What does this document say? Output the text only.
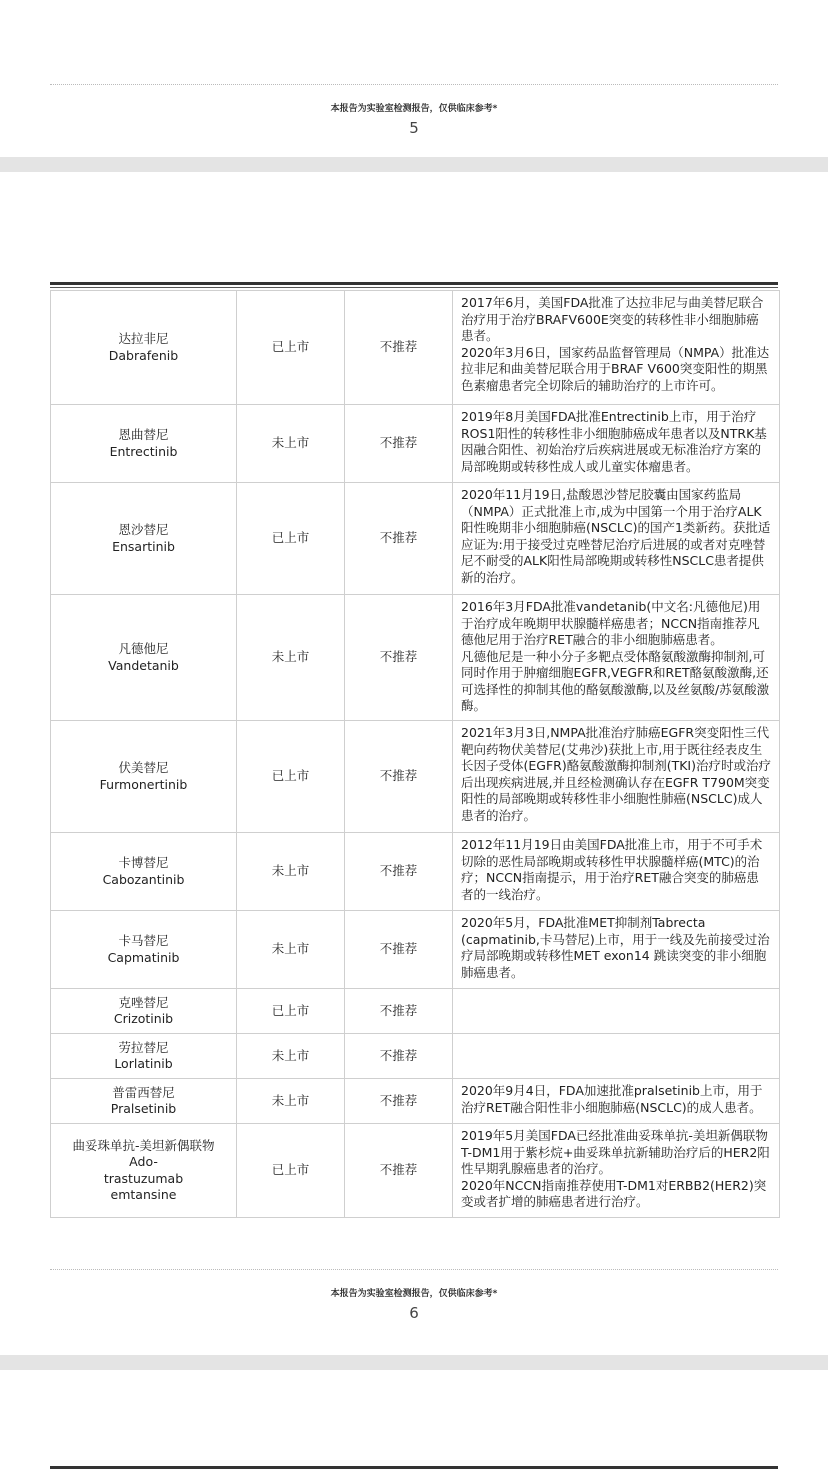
本报告为实验室检测报告，仅供临床参考*
5
达拉非尼
Dabrafenib	已上市	不推荐	2017年6月，美国FDA批准了达拉非尼与曲美替尼联合治疗用于治疗BRAFV600E突变的转移性非小细胞肺癌患者。
2020年3月6日，国家药品监督管理局（NMPA）批准达拉非尼和曲美替尼联合用于BRAF V600突变阳性的期黑色素瘤患者完全切除后的辅助治疗的上市许可。

恩曲替尼
Entrectinib	未上市	不推荐	2019年8月美国FDA批准Entrectinib上市，用于治疗ROS1阳性的转移性非小细胞肺癌成年患者以及NTRK基因融合阳性、初始治疗后疾病进展或无标准治疗方案的局部晚期或转移性成人或儿童实体瘤患者。

恩沙替尼
Ensartinib	已上市	不推荐	2020年11月19日,盐酸恩沙替尼胶囊由国家药监局（NMPA）正式批准上市,成为中国第一个用于治疗ALK阳性晚期非小细胞肺癌(NSCLC)的国产1类新药。获批适应证为:用于接受过克唑替尼治疗后进展的或者对克唑替尼不耐受的ALK阳性局部晚期或转移性NSCLC患者提供新的治疗。

凡德他尼
Vandetanib	未上市	不推荐	2016年3月FDA批准vandetanib(中文名:凡德他尼)用于治疗成年晚期甲状腺髓样癌患者；NCCN指南推荐凡德他尼用于治疗RET融合的非小细胞肺癌患者。
凡德他尼是一种小分子多靶点受体酪氨酸激酶抑制剂,可同时作用于肿瘤细胞EGFR,VEGFR和RET酪氨酸激酶,还可选择性的抑制其他的酪氨酸激酶,以及丝氨酸/苏氨酸激酶。

伏美替尼
Furmonertinib	已上市	不推荐	2021年3月3日,NMPA批准治疗肺癌EGFR突变阳性三代靶向药物伏美替尼(艾弗沙)获批上市,用于既往经表皮生长因子受体(EGFR)酪氨酸激酶抑制剂(TKI)治疗时或治疗后出现疾病进展,并且经检测确认存在EGFR T790M突变阳性的局部晚期或转移性非小细胞性肺癌(NSCLC)成人患者的治疗。

卡博替尼
Cabozantinib	未上市	不推荐	2012年11月19日由美国FDA批准上市，用于不可手术切除的恶性局部晚期或转移性甲状腺髓样癌(MTC)的治疗；NCCN指南提示，用于治疗RET融合突变的肺癌患者的一线治疗。

卡马替尼
Capmatinib	未上市	不推荐	2020年5月，FDA批准MET抑制剂Tabrecta (capmatinib,卡马替尼)上市，用于一线及先前接受过治疗局部晚期或转移性MET exon14 跳读突变的非小细胞肺癌患者。

克唑替尼
Crizotinib	已上市	不推荐	

劳拉替尼
Lorlatinib	未上市	不推荐	

普雷西替尼
Pralsetinib	未上市	不推荐	2020年9月4日，FDA加速批准pralsetinib上市，用于治疗RET融合阳性非小细胞肺癌(NSCLC)的成人患者。

曲妥珠单抗-美坦新偶联物
Ado-trastuzumab emtansine	已上市	不推荐	2019年5月美国FDA已经批准曲妥珠单抗-美坦新偶联物T-DM1用于紫杉烷+曲妥珠单抗新辅助治疗后的HER2阳性早期乳腺癌患者的治疗。
2020年NCCN指南推荐使用T-DM1对ERBB2(HER2)突变或者扩增的肺癌患者进行治疗。
本报告为实验室检测报告，仅供临床参考*
6
